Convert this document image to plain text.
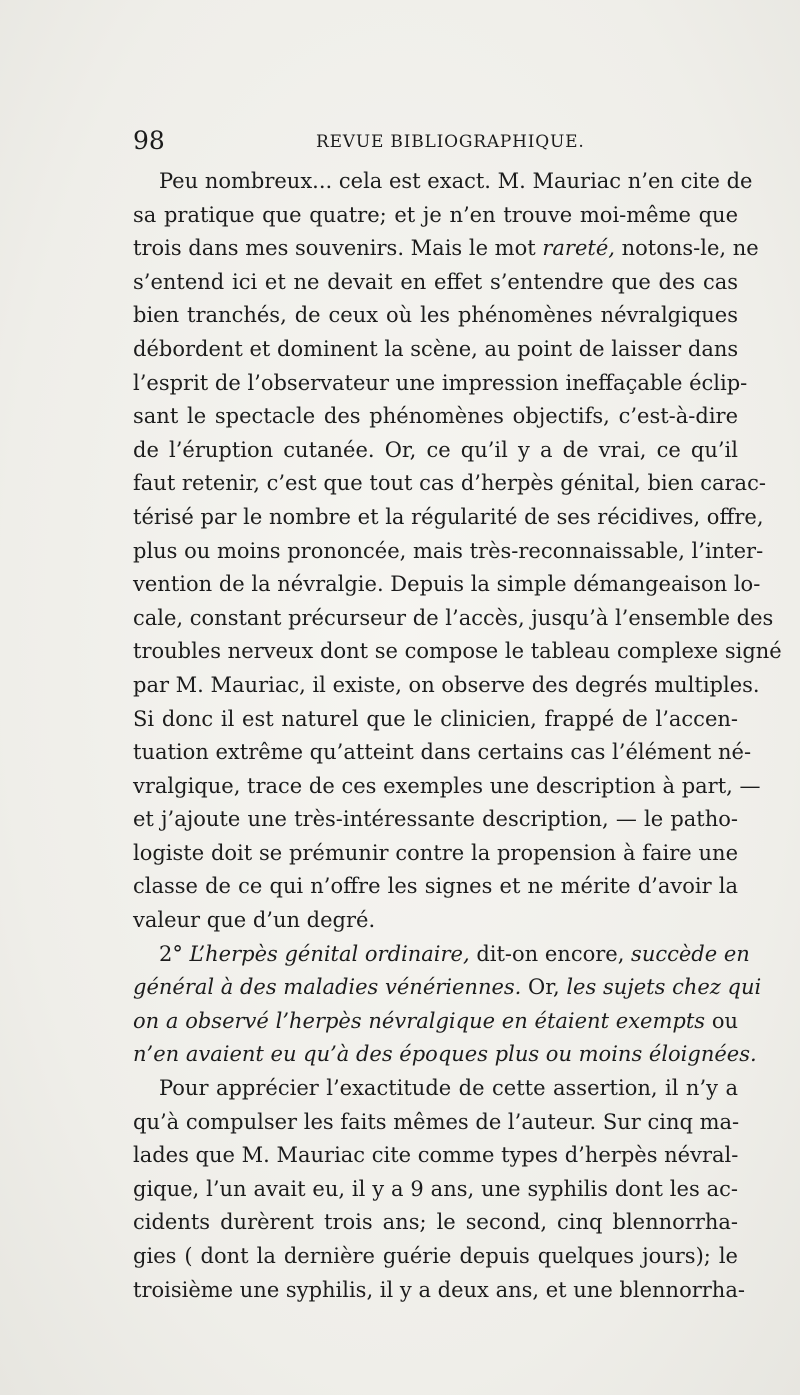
98	REVUE BIBLIOGRAPHIQUE.
Peu nombreux... cela est exact. M. Mauriac n’en cite de
sa pratique que quatre; et je n’en trouve moi-même que
trois dans mes souvenirs. Mais le mot rareté, notons-le, ne
s’entend ici et ne devait en effet s’entendre que des cas
bien tranchés, de ceux où les phénomènes névralgiques
débordent et dominent la scène, au point de laisser dans
l’esprit de l’observateur une impression ineffaçable éclip-
sant le spectacle des phénomènes objectifs, c’est-à-dire
de l’éruption cutanée. Or, ce qu’il y a de vrai, ce qu’il
faut retenir, c’est que tout cas d’herpès génital, bien carac-
térisé par le nombre et la régularité de ses récidives, offre,
plus ou moins prononcée, mais très-reconnaissable, l’inter-
vention de la névralgie. Depuis la simple démangeaison lo-
cale, constant précurseur de l’accès, jusqu’à l’ensemble des
troubles nerveux dont se compose le tableau complexe signé
par M. Mauriac, il existe, on observe des degrés multiples.
Si donc il est naturel que le clinicien, frappé de l’accen-
tuation extrême qu’atteint dans certains cas l’élément né-
vralgique, trace de ces exemples une description à part, —
et j’ajoute une très-intéressante description, — le patho-
logiste doit se prémunir contre la propension à faire une
classe de ce qui n’offre les signes et ne mérite d’avoir la
valeur que d’un degré.
2° L’herpès génital ordinaire, dit-on encore, succède en
général à des maladies vénériennes. Or, les sujets chez qui
on a observé l’herpès névralgique en étaient exempts ou
n’en avaient eu qu’à des époques plus ou moins éloignées.
Pour apprécier l’exactitude de cette assertion, il n’y a
qu’à compulser les faits mêmes de l’auteur. Sur cinq ma-
lades que M. Mauriac cite comme types d’herpès névral-
gique, l’un avait eu, il y a 9 ans, une syphilis dont les ac-
cidents durèrent trois ans; le second, cinq blennorrha-
gies ( dont la dernière guérie depuis quelques jours); le
troisième une syphilis, il y a deux ans, et une blennorrha-
